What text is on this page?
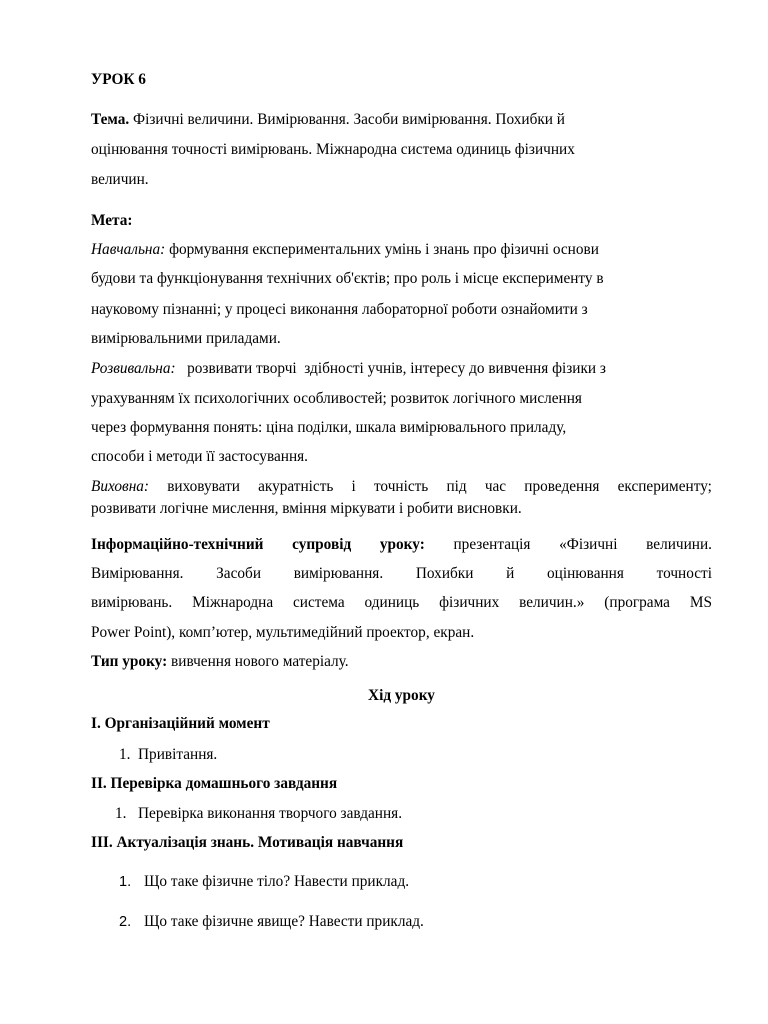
УРОК 6
Тема. Фізичні величини. Вимірювання. Засоби вимірювання. Похибки й
оцінювання точності вимірювань. Міжнародна система одиниць фізичних
величин.
Мета:
Навчальна: формування експериментальних умінь і знань про фізичні основи
будови та функціонування технічних об'єктів; про роль і місце експерименту в
науковому пізнанні; у процесі виконання лабораторної роботи ознайомити з
вимірювальними приладами.
Розвивальна:   розвивати творчі  здібності учнів, інтересу до вивчення фізики з
урахуванням їх психологічних особливостей; розвиток логічного мислення
через формування понять: ціна поділки, шкала вимірювального приладу,
способи і методи її застосування.
Виховна: виховувати акуратність і точність під час проведення експерименту;
розвивати логічне мислення, вміння міркувати і робити висновки.
Інформаційно-технічний супровід уроку: презентація «Фізичні величини.
Вимірювання. Засоби вимірювання. Похибки й оцінювання точності
вимірювань. Міжнародна система одиниць фізичних величин.» (програма MS
Power Point), комп’ютер, мультимедійний проектор, екран.
Тип уроку: вивчення нового матеріалу.
Хід уроку
І. Організаційний момент
1. Привітання.
ІІ. Перевірка домашнього завдання
1. Перевірка виконання творчого завдання.
ІІІ. Актуалізація знань. Мотивація навчання
1. Що таке фізичне тіло? Навести приклад.
2. Що таке фізичне явище? Навести приклад.
